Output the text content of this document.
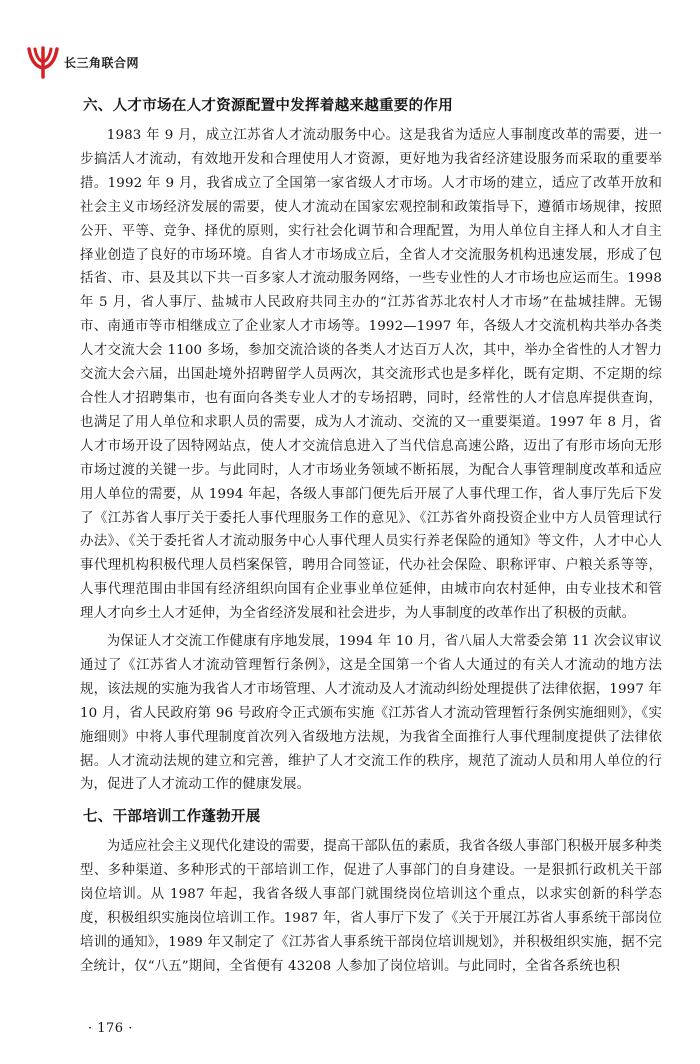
长三角联合网
六、人才市场在人才资源配置中发挥着越来越重要的作用

1983 年 9 月，成立江苏省人才流动服务中心。这是我省为适应人事制度改革的需要，进一步搞活人才流动，有效地开发和合理使用人才资源，更好地为我省经济建设服务而采取的重要举措。1992 年 9 月，我省成立了全国第一家省级人才市场。人才市场的建立，适应了改革开放和社会主义市场经济发展的需要，使人才流动在国家宏观控制和政策指导下，遵循市场规律，按照公开、平等、竞争、择优的原则，实行社会化调节和合理配置，为用人单位自主择人和人才自主择业创造了良好的市场环境。自省人才市场成立后，全省人才交流服务机构迅速发展，形成了包括省、市、县及其以下共一百多家人才流动服务网络，一些专业性的人才市场也应运而生。1998 年 5 月，省人事厅、盐城市人民政府共同主办的“江苏省苏北农村人才市场”在盐城挂牌。无锡市、南通市等市相继成立了企业家人才市场等。1992—1997 年，各级人才交流机构共举办各类人才交流大会 1100 多场，参加交流洽谈的各类人才达百万人次，其中，举办全省性的人才智力交流大会六届，出国赴境外招聘留学人员两次，其交流形式也是多样化，既有定期、不定期的综合性人才招聘集市，也有面向各类专业人才的专场招聘，同时，经常性的人才信息库提供查询，也满足了用人单位和求职人员的需要，成为人才流动、交流的又一重要渠道。1997 年 8 月，省人才市场开设了因特网站点，使人才交流信息进入了当代信息高速公路，迈出了有形市场向无形市场过渡的关键一步。与此同时，人才市场业务领域不断拓展，为配合人事管理制度改革和适应用人单位的需要，从 1994 年起，各级人事部门便先后开展了人事代理工作，省人事厅先后下发了《江苏省人事厅关于委托人事代理服务工作的意见》、《江苏省外商投资企业中方人员管理试行办法》、《关于委托省人才流动服务中心人事代理人员实行养老保险的通知》等文件，人才中心人事代理机构积极代理人员档案保管，聘用合同签证，代办社会保险、职称评审、户粮关系等等，人事代理范围由非国有经济组织向国有企业事业单位延伸，由城市向农村延伸，由专业技术和管理人才向乡土人才延伸，为全省经济发展和社会进步，为人事制度的改革作出了积极的贡献。

为保证人才交流工作健康有序地发展，1994 年 10 月，省八届人大常委会第 11 次会议审议通过了《江苏省人才流动管理暂行条例》，这是全国第一个省人大通过的有关人才流动的地方法规，该法规的实施为我省人才市场管理、人才流动及人才流动纠纷处理提供了法律依据，1997 年 10 月，省人民政府第 96 号政府令正式颁布实施《江苏省人才流动管理暂行条例实施细则》，《实施细则》中将人事代理制度首次列入省级地方法规，为我省全面推行人事代理制度提供了法律依据。人才流动法规的建立和完善，维护了人才交流工作的秩序，规范了流动人员和用人单位的行为，促进了人才流动工作的健康发展。

七、干部培训工作蓬勃开展

为适应社会主义现代化建设的需要，提高干部队伍的素质，我省各级人事部门积极开展多种类型、多种渠道、多种形式的干部培训工作，促进了人事部门的自身建设。一是狠抓行政机关干部岗位培训。从 1987 年起，我省各级人事部门就围绕岗位培训这个重点，以求实创新的科学态度，积极组织实施岗位培训工作。1987 年，省人事厅下发了《关于开展江苏省人事系统干部岗位培训的通知》，1989 年又制定了《江苏省人事系统干部岗位培训规划》，并积极组织实施，据不完全统计，仅“八五”期间，全省便有 43208 人参加了岗位培训。与此同时，全省各系统也积

· 176 ·
